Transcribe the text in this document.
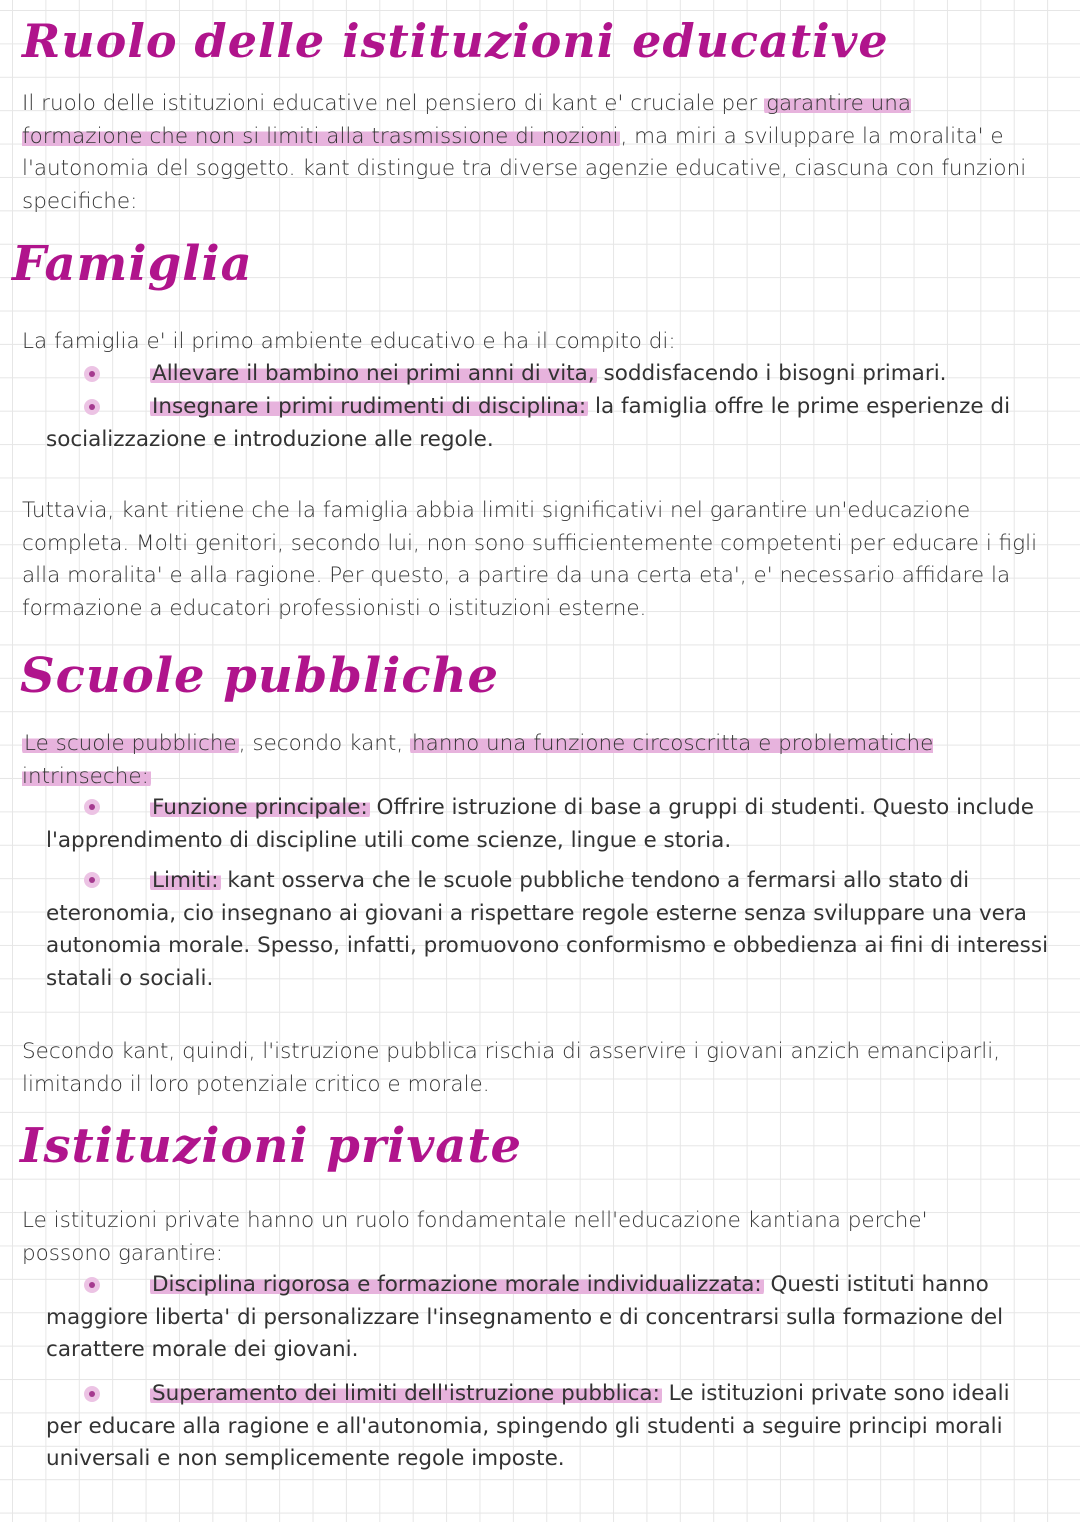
Ruolo delle istituzioni educative

Il ruolo delle istituzioni educative nel pensiero di kant e' cruciale per garantire una formazione che non si limiti alla trasmissione di nozioni, ma miri a sviluppare la moralita' e l'autonomia del soggetto. kant distingue tra diverse agenzie educative, ciascuna con funzioni specifiche:

Famiglia

La famiglia e' il primo ambiente educativo e ha il compito di:

Allevare il bambino nei primi anni di vita, soddisfacendo i bisogni primari.

Insegnare i primi rudimenti di disciplina: la famiglia offre le prime esperienze di socializzazione e introduzione alle regole.

Tuttavia, kant ritiene che la famiglia abbia limiti significativi nel garantire un'educazione completa. Molti genitori, secondo lui, non sono sufficientemente competenti per educare i figli alla moralita' e alla ragione. Per questo, a partire da una certa eta', e' necessario affidare la formazione a educatori professionisti o istituzioni esterne.

Scuole pubbliche

Le scuole pubbliche, secondo kant, hanno una funzione circoscritta e problematiche intrinseche:

Funzione principale: Offrire istruzione di base a gruppi di studenti. Questo include l'apprendimento di discipline utili come scienze, lingue e storia.

Limiti: kant osserva che le scuole pubbliche tendono a fermarsi allo stato di eteronomia, cio insegnano ai giovani a rispettare regole esterne senza sviluppare una vera autonomia morale. Spesso, infatti, promuovono conformismo e obbedienza ai fini di interessi statali o sociali.

Secondo kant, quindi, l'istruzione pubblica rischia di asservire i giovani anzich emanciparli, limitando il loro potenziale critico e morale.

Istituzioni private

Le istituzioni private hanno un ruolo fondamentale nell'educazione kantiana perche' possono garantire:

Disciplina rigorosa e formazione morale individualizzata: Questi istituti hanno maggiore liberta' di personalizzare l'insegnamento e di concentrarsi sulla formazione del carattere morale dei giovani.

Superamento dei limiti dell'istruzione pubblica: Le istituzioni private sono ideali per educare alla ragione e all'autonomia, spingendo gli studenti a seguire principi morali universali e non semplicemente regole imposte.
